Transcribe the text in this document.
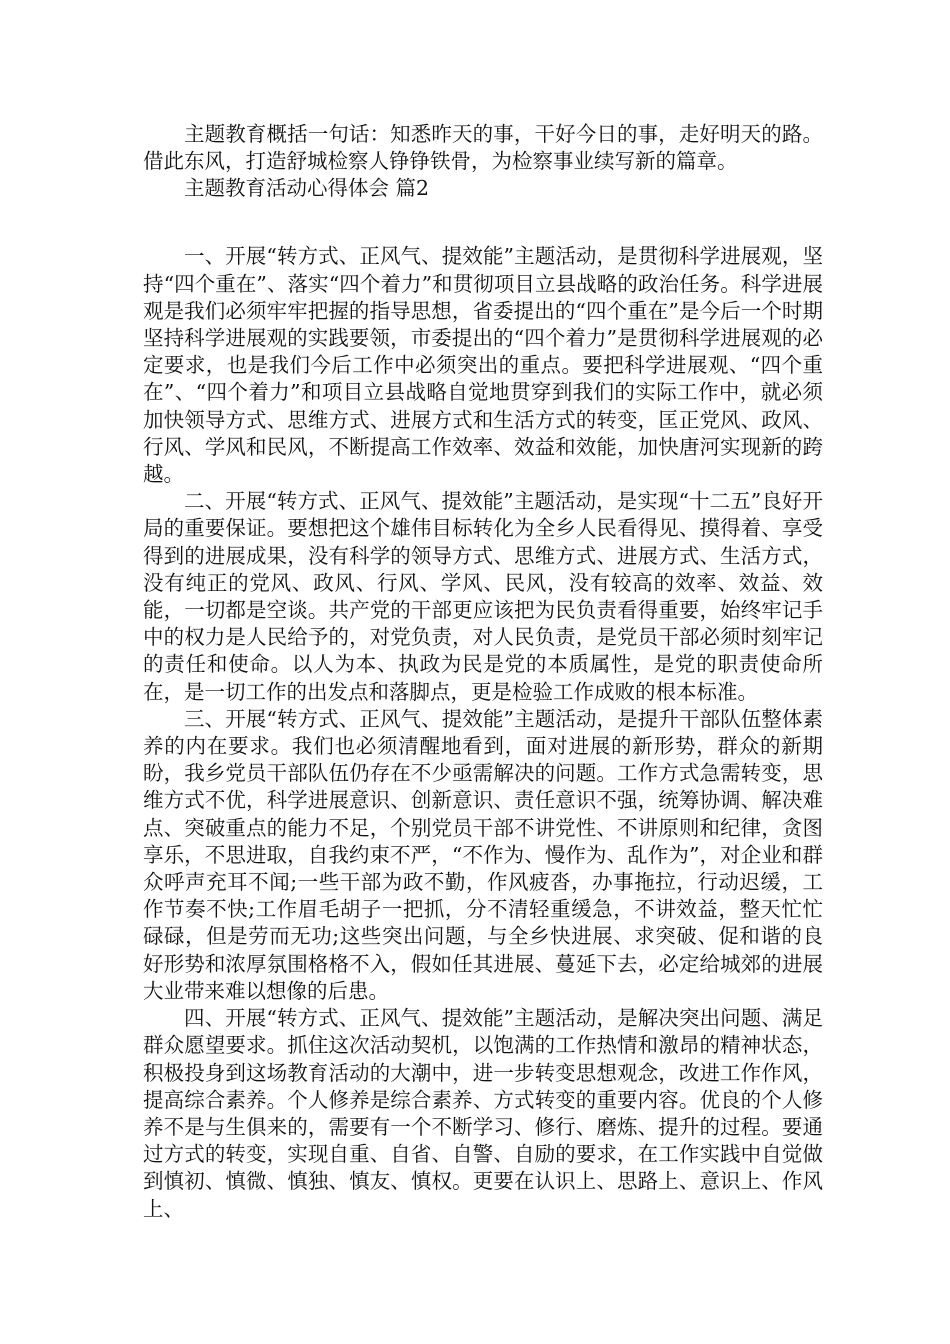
主题教育概括一句话：知悉昨天的事，干好今日的事，走好明天的路。借此东风，打造舒城检察人铮铮铁骨，为检察事业续写新的篇章。

主题教育活动心得体会 篇2

一、开展“转方式、正风气、提效能”主题活动，是贯彻科学进展观，坚持“四个重在”、落实“四个着力”和贯彻项目立县战略的政治任务。科学进展观是我们必须牢牢把握的指导思想，省委提出的“四个重在”是今后一个时期坚持科学进展观的实践要领，市委提出的“四个着力”是贯彻科学进展观的必定要求，也是我们今后工作中必须突出的重点。要把科学进展观、“四个重在”、“四个着力”和项目立县战略自觉地贯穿到我们的实际工作中，就必须加快领导方式、思维方式、进展方式和生活方式的转变，匡正党风、政风、行风、学风和民风，不断提高工作效率、效益和效能，加快唐河实现新的跨越。

二、开展“转方式、正风气、提效能”主题活动，是实现“十二五”良好开局的重要保证。要想把这个雄伟目标转化为全乡人民看得见、摸得着、享受得到的进展成果，没有科学的领导方式、思维方式、进展方式、生活方式，没有纯正的党风、政风、行风、学风、民风，没有较高的效率、效益、效能，一切都是空谈。共产党的干部更应该把为民负责看得重要，始终牢记手中的权力是人民给予的，对党负责，对人民负责，是党员干部必须时刻牢记的责任和使命。以人为本、执政为民是党的本质属性，是党的职责使命所在，是一切工作的出发点和落脚点，更是检验工作成败的根本标准。

三、开展“转方式、正风气、提效能”主题活动，是提升干部队伍整体素养的内在要求。我们也必须清醒地看到，面对进展的新形势，群众的新期盼，我乡党员干部队伍仍存在不少亟需解决的问题。工作方式急需转变，思维方式不优，科学进展意识、创新意识、责任意识不强，统筹协调、解决难点、突破重点的能力不足，个别党员干部不讲党性、不讲原则和纪律，贪图享乐，不思进取，自我约束不严，“不作为、慢作为、乱作为”，对企业和群众呼声充耳不闻;一些干部为政不勤，作风疲沓，办事拖拉，行动迟缓，工作节奏不快;工作眉毛胡子一把抓，分不清轻重缓急，不讲效益，整天忙忙碌碌，但是劳而无功;这些突出问题，与全乡快进展、求突破、促和谐的良好形势和浓厚氛围格格不入，假如任其进展、蔓延下去，必定给城郊的进展大业带来难以想像的后患。

四、开展“转方式、正风气、提效能”主题活动，是解决突出问题、满足群众愿望要求。抓住这次活动契机，以饱满的工作热情和激昂的精神状态，积极投身到这场教育活动的大潮中，进一步转变思想观念，改进工作作风，提高综合素养。个人修养是综合素养、方式转变的重要内容。优良的个人修养不是与生俱来的，需要有一个不断学习、修行、磨炼、提升的过程。要通过方式的转变，实现自重、自省、自警、自励的要求，在工作实践中自觉做到慎初、慎微、慎独、慎友、慎权。更要在认识上、思路上、意识上、作风上、
